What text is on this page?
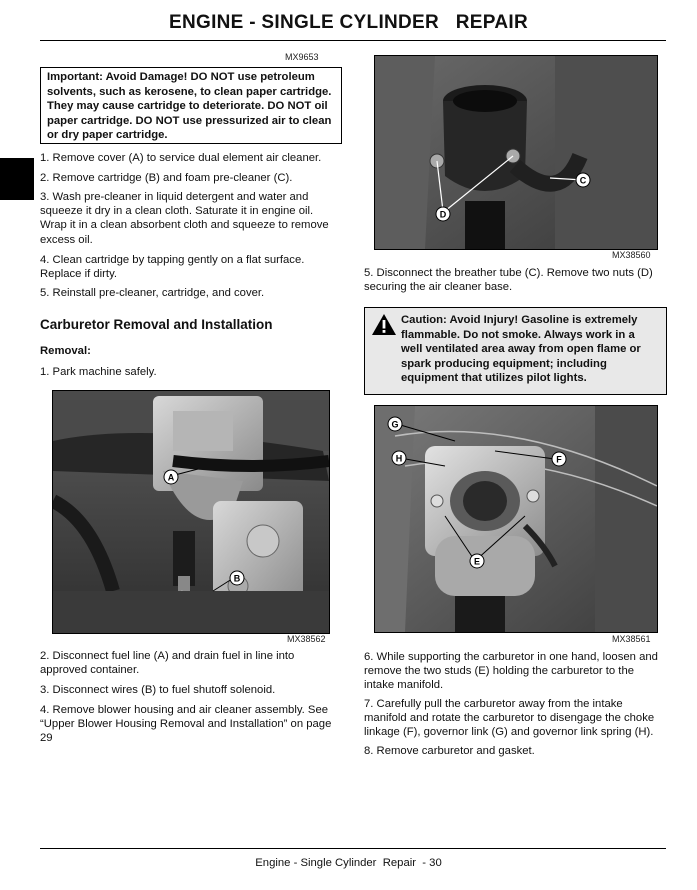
ENGINE - SINGLE CYLINDER   REPAIR
MX9653
Important: Avoid Damage! DO NOT use petroleum solvents, such as kerosene, to clean paper cartridge. They may cause cartridge to deteriorate. DO NOT oil paper cartridge. DO NOT use pressurized air to clean or dry paper cartridge.
1. Remove cover (A) to service dual element air cleaner.
2. Remove cartridge (B) and foam pre-cleaner (C).
3. Wash pre-cleaner in liquid detergent and water and squeeze it dry in a clean cloth. Saturate it in engine oil. Wrap it in a clean absorbent cloth and squeeze to remove excess oil.
4. Clean cartridge by tapping gently on a flat surface. Replace if dirty.
5. Reinstall pre-cleaner, cartridge, and cover.
Carburetor Removal and Installation
Removal:
1. Park machine safely.
A
B
MX38562
2. Disconnect fuel line (A) and drain fuel in line into approved container.
3. Disconnect wires (B) to fuel shutoff solenoid.
4. Remove blower housing and air cleaner assembly. See “Upper Blower Housing Removal and Installation” on page 29
C
D
MX38560
5. Disconnect the breather tube (C). Remove two nuts (D) securing the air cleaner base.
Caution: Avoid Injury! Gasoline is extremely flammable. Do not smoke. Always work in a well ventilated area away from open flame or spark producing equipment; including equipment that utilizes pilot lights.
G
H	F
E
MX38561
6. While supporting the carburetor in one hand, loosen and remove the two studs (E) holding the carburetor to the intake manifold.
7. Carefully pull the carburetor away from the intake manifold and rotate the carburetor to disengage the choke linkage (F), governor link (G) and governor link spring (H).
8. Remove carburetor and gasket.
Engine - Single Cylinder  Repair  - 30
